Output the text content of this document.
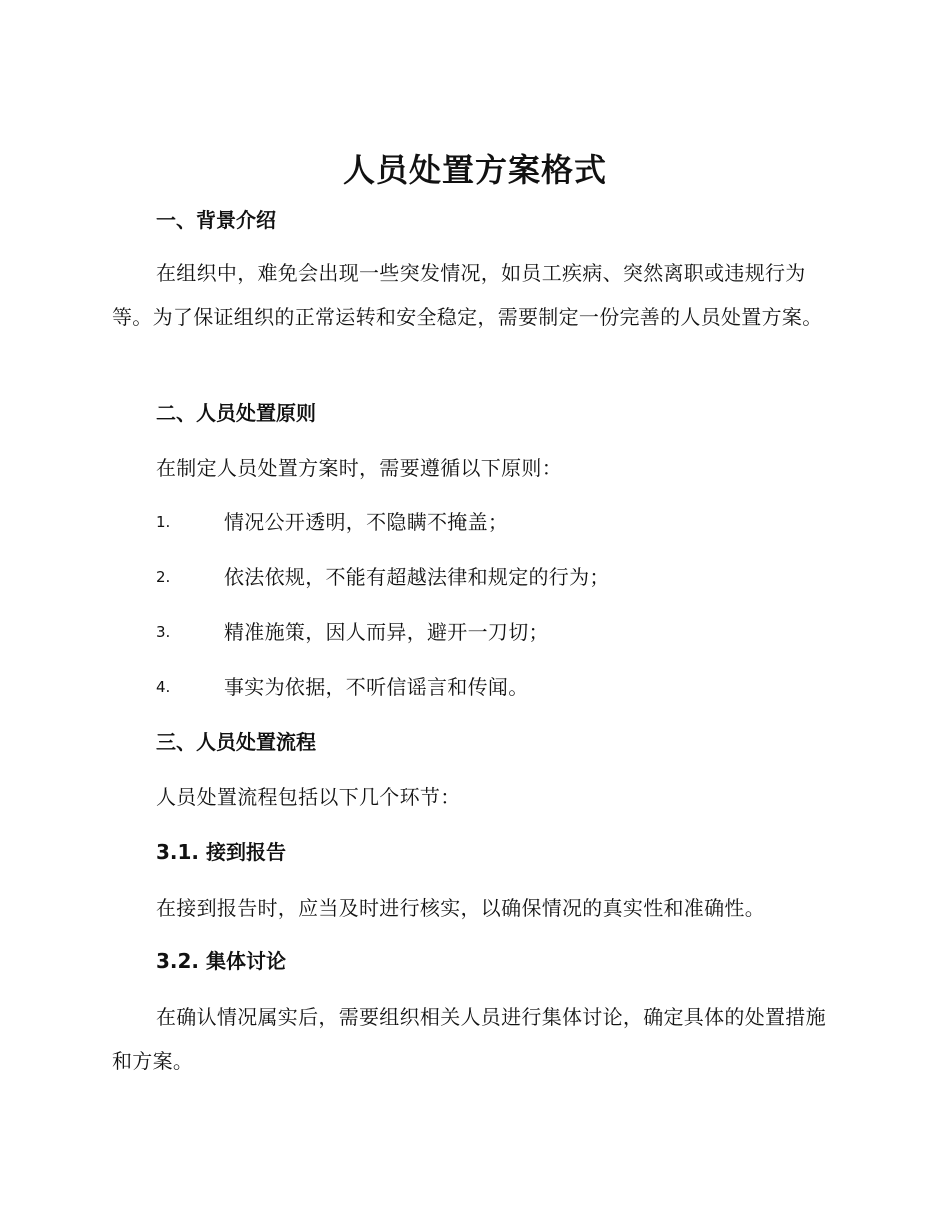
人员处置方案格式
一、背景介绍

在组织中，难免会出现一些突发情况，如员工疾病、突然离职或违规行为等。为了保证组织的正常运转和安全稳定，需要制定一份完善的人员处置方案。

二、人员处置原则
在制定人员处置方案时，需要遵循以下原则：
1.	情况公开透明，不隐瞒不掩盖；
2.	依法依规，不能有超越法律和规定的行为；
3.	精准施策，因人而异，避开一刀切；
4.	事实为依据，不听信谣言和传闻。
三、人员处置流程
人员处置流程包括以下几个环节：
3.1. 接到报告

在接到报告时，应当及时进行核实，以确保情况的真实性和准确性。

3.2. 集体讨论

在确认情况属实后，需要组织相关人员进行集体讨论，确定具体的处置措施和方案。
